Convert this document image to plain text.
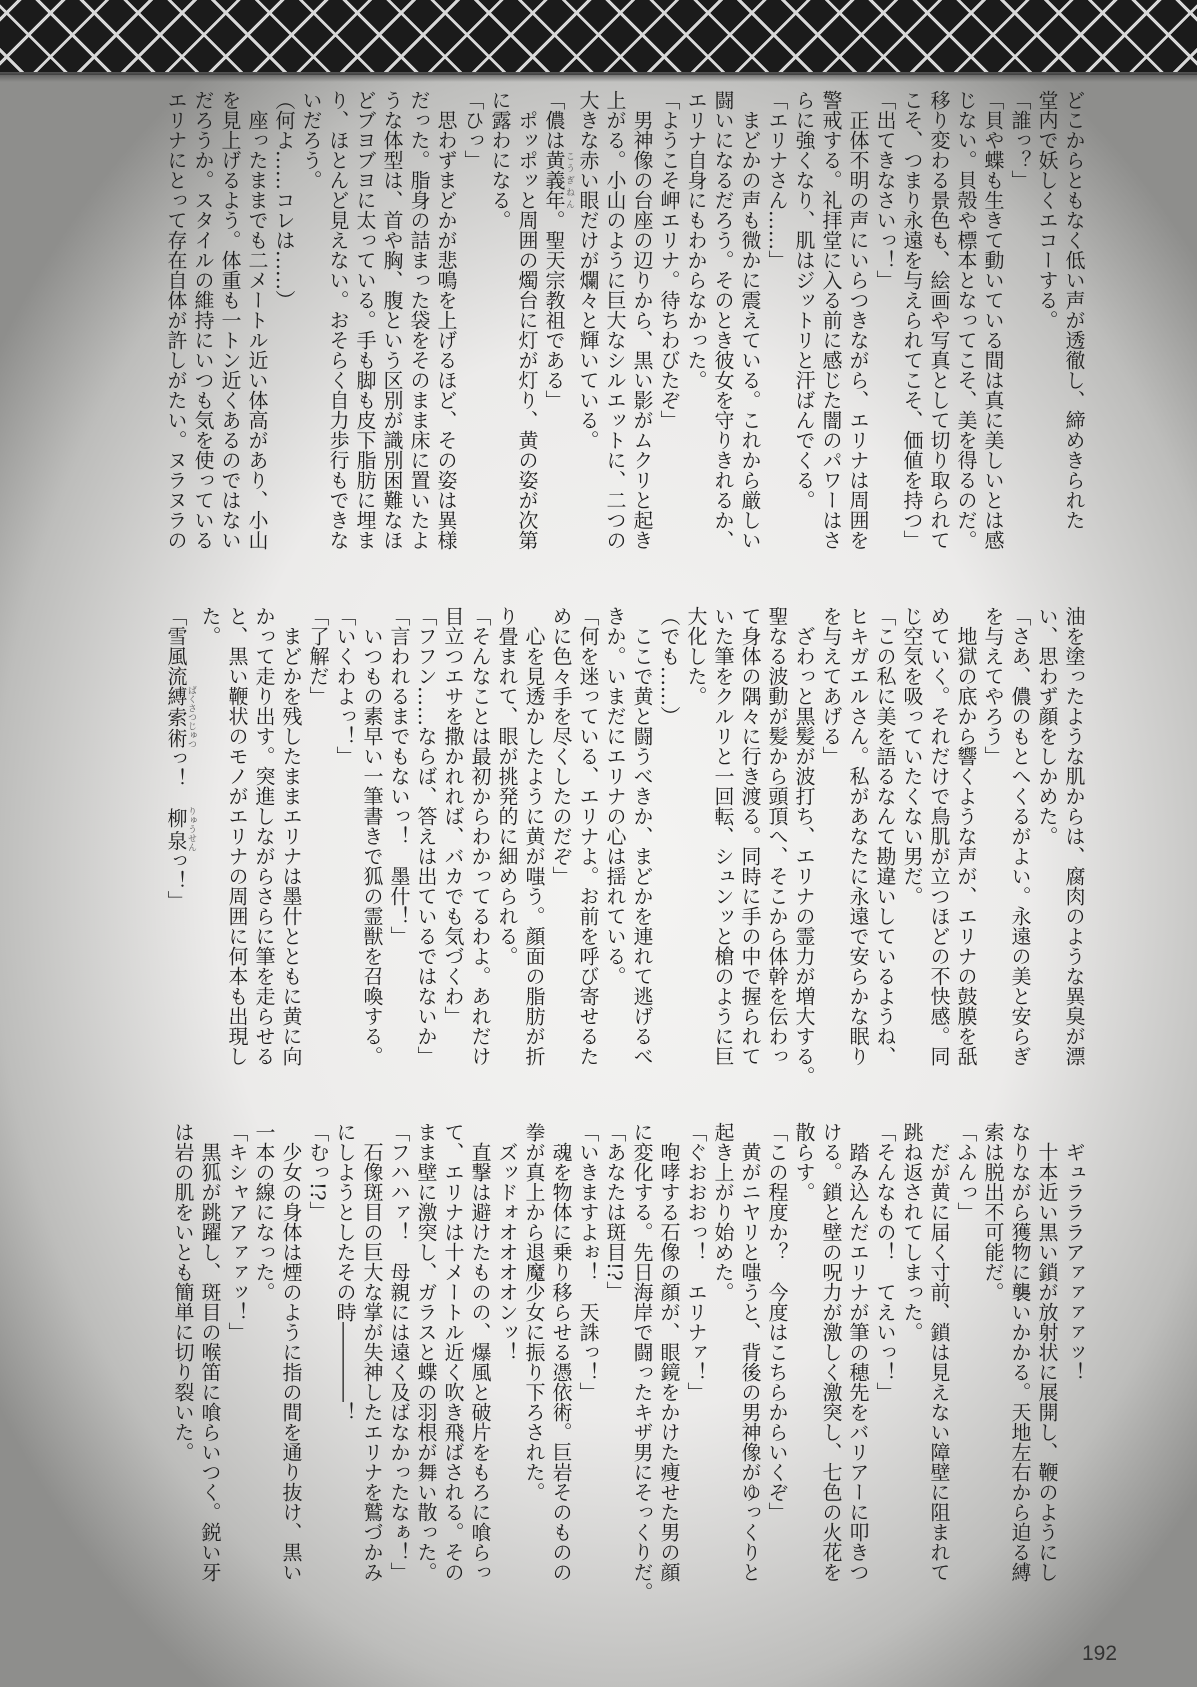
どこからともなく低い声が透徹し、締めきられた
堂内で妖しくエコーする。
「誰っ？」
「貝や蝶も生きて動いている間は真に美しいとは感
じない。貝殻や標本となってこそ、美を得るのだ。
移り変わる景色も、絵画や写真として切り取られて
こそ、つまり永遠を与えられてこそ、価値を持つ」
「出てきなさいっ！」
　正体不明の声にいらつきながら、エリナは周囲を
警戒する。礼拝堂に入る前に感じた闇のパワーはさ
らに強くなり、肌はジットリと汗ばんでくる。
「エリナさん……」
　まどかの声も微かに震えている。これから厳しい
闘いになるだろう。そのとき彼女を守りきれるか、
エリナ自身にもわからなかった。
「ようこそ岬エリナ。待ちわびたぞ」
　男神像の台座の辺りから、黒い影がムクリと起き
上がる。小山のように巨大なシルエットに、二つの
大きな赤い眼だけが爛々と輝いている。
「儂は黄義年こうぎねん。聖天宗教祖である」
　ポッポッと周囲の燭台に灯が灯り、黄の姿が次第
に露わになる。
「ひっ」
　思わずまどかが悲鳴を上げるほど、その姿は異様
だった。脂身の詰まった袋をそのまま床に置いたよ
うな体型は、首や胸、腹という区別が識別困難なほ
どブヨブヨに太っている。手も脚も皮下脂肪に埋ま
り、ほとんど見えない。おそらく自力歩行もできな
いだろう。
（何よ……コレは……）
　座ったままでも二メートル近い体高があり、小山
を見上げるよう。体重も一トン近くあるのではない
だろうか。スタイルの維持にいつも気を使っている
エリナにとって存在自体が許しがたい。ヌラヌラの
油を塗ったような肌からは、腐肉のような異臭が漂
い、思わず顔をしかめた。
「さあ、儂のもとへくるがよい。永遠の美と安らぎ
を与えてやろう」
　地獄の底から響くような声が、エリナの鼓膜を舐
めていく。それだけで鳥肌が立つほどの不快感。同
じ空気を吸っていたくない男だ。
「この私に美を語るなんて勘違いしているようね、
ヒキガエルさん。私があなたに永遠で安らかな眠り
を与えてあげる」
　ざわっと黒髪が波打ち、エリナの霊力が増大する。
聖なる波動が髪から頭頂へ、そこから体幹を伝わっ
て身体の隅々に行き渡る。同時に手の中で握られて
いた筆をクルリと一回転、シュンッと槍のように巨
大化した。
（でも……）
　ここで黄と闘うべきか、まどかを連れて逃げるべ
きか。いまだにエリナの心は揺れている。
「何を迷っている、エリナよ。お前を呼び寄せるた
めに色々手を尽くしたのだぞ」
　心を見透かしたように黄が嗤う。顔面の脂肪が折
り畳まれて、眼が挑発的に細められる。
「そんなことは最初からわかってるわよ。あれだけ
目立つエサを撒かれれば、バカでも気づくわ」
「フフン……ならば、答えは出ているではないか」
「言われるまでもないっ！　墨什！」
　いつもの素早い一筆書きで狐の霊獣を召喚する。
「いくわよっ！」
「了解だ」
　まどかを残したままエリナは墨什とともに黄に向
かって走り出す。突進しながらさらに筆を走らせる
と、黒い鞭状のモノがエリナの周囲に何本も出現し
た。
「雪風流縛索術ばくさつじゅつっ！　柳泉りゅうせんっ！」
　ギュラララアァァァァッ！
　十本近い黒い鎖が放射状に展開し、鞭のようにし
なりながら獲物に襲いかかる。天地左右から迫る縛
索は脱出不可能だ。
「ふんっ」
　だが黄に届く寸前、鎖は見えない障壁に阻まれて
跳ね返されてしまった。
「そんなもの！　てえいっ！」
　踏み込んだエリナが筆の穂先をバリアーに叩きつ
ける。鎖と壁の呪力が激しく激突し、七色の火花を
散らす。
「この程度か？　今度はこちらからいくぞ」
　黄がニヤリと嗤うと、背後の男神像がゆっくりと
起き上がり始めた。
「ぐおおおっ！　エリナァ！」
　咆哮する石像の顔が、眼鏡をかけた痩せた男の顔
に変化する。先日海岸で闘ったキザ男にそっくりだ。
「あなたは斑目!?」
「いきますよぉ！　天誅っ！」
　魂を物体に乗り移らせる憑依術。巨岩そのものの
拳が真上から退魔少女に振り下ろされた。
　ズッドォオオオオンッ！
　直撃は避けたものの、爆風と破片をもろに喰らっ
て、エリナは十メートル近く吹き飛ばされる。その
まま壁に激突し、ガラスと蝶の羽根が舞い散った。
「フハハァ！　母親には遠く及ばなかったなぁ！」
　石像斑目の巨大な掌が失神したエリナを鷲づかみ
にしようとしたその時――――！
「むっ!?」
　少女の身体は煙のように指の間を通り抜け、黒い
一本の線になった。
「キシャアアァァッ！」
　黒狐が跳躍し、斑目の喉笛に喰らいつく。鋭い牙
は岩の肌をいとも簡単に切り裂いた。
192
